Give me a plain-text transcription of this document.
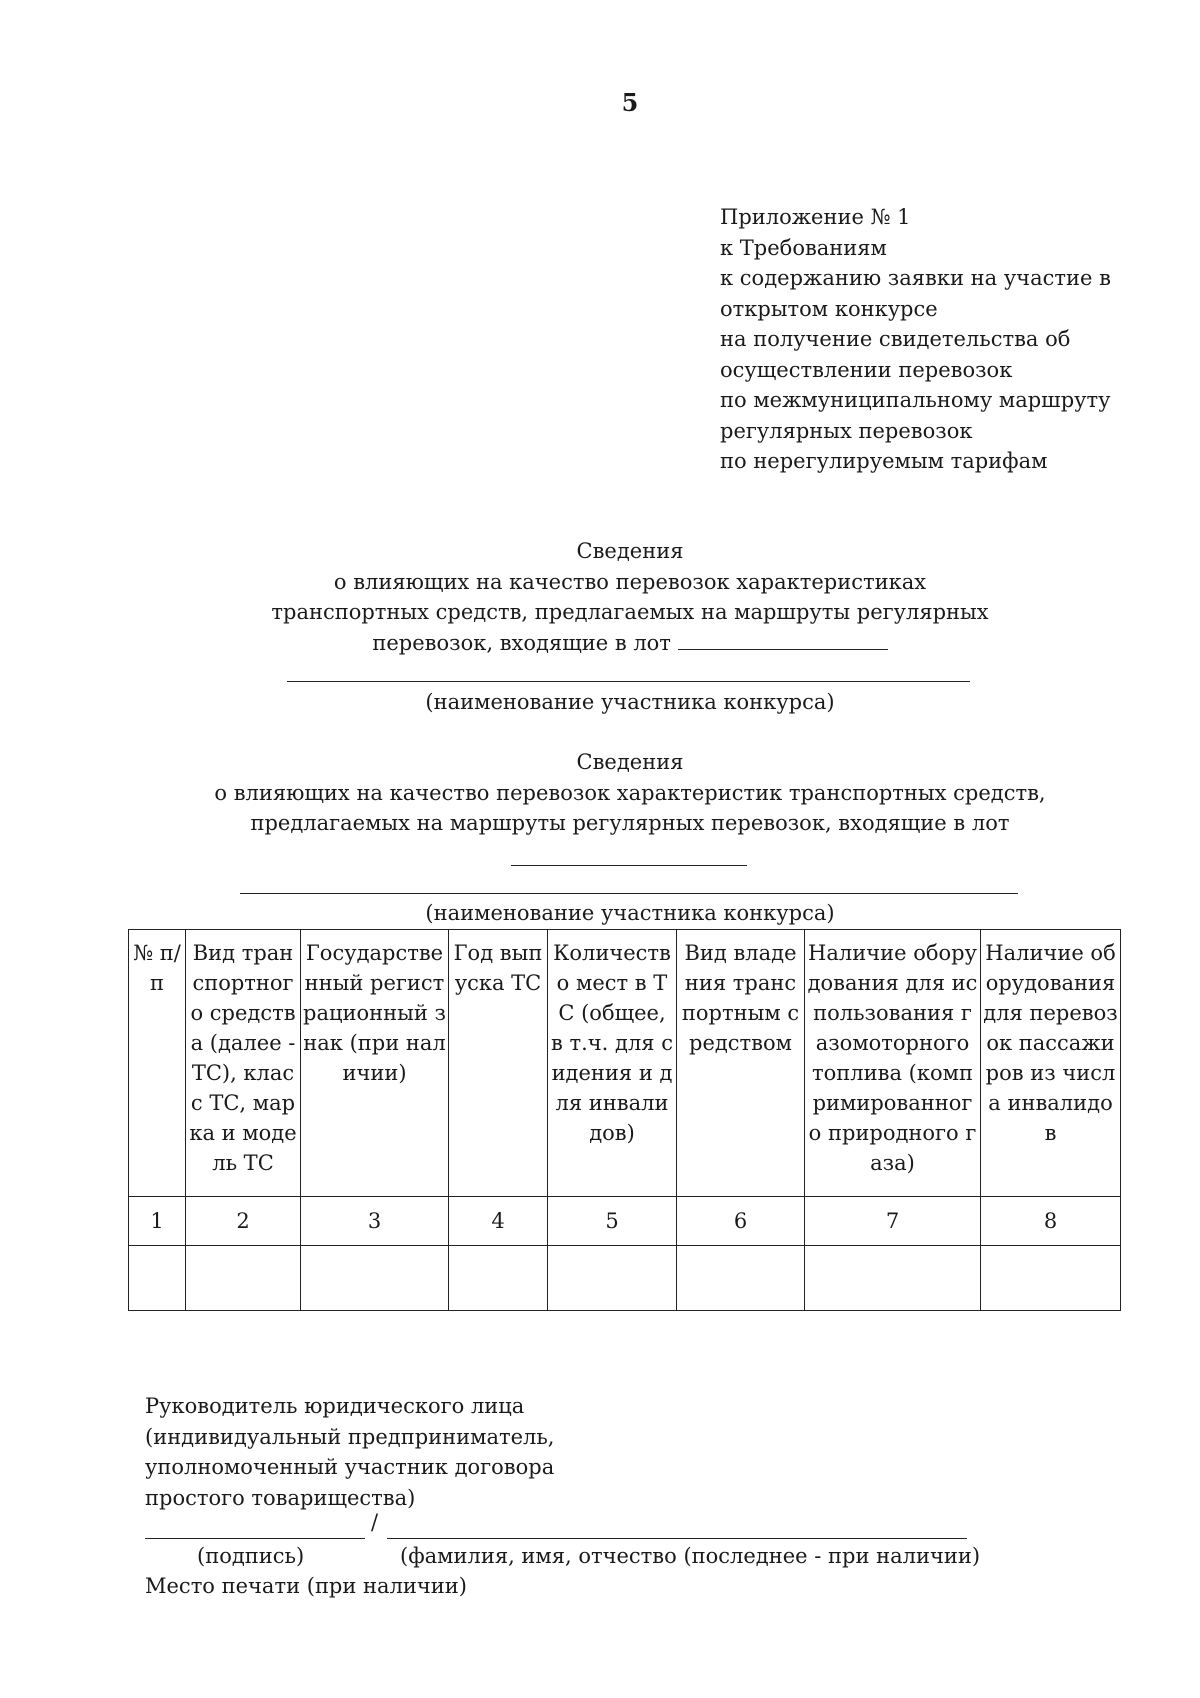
5
Приложение № 1
к Требованиям
к содержанию заявки на участие в
открытом конкурсе
на получение свидетельства об
осуществлении перевозок
по межмуниципальному маршруту
регулярных перевозок
по нерегулируемым тарифам
Сведения
о влияющих на качество перевозок характеристиках
транспортных средств, предлагаемых на маршруты регулярных
перевозок, входящие в лот
(наименование участника конкурса)
Сведения
о влияющих на качество перевозок характеристик транспортных средств,
предлагаемых на маршруты регулярных перевозок, входящие в лот
(наименование участника конкурса)
№ п/п	Вид транспортного средства (далее - ТС), класс ТС, марка и модель ТС	Государственный регистрационный знак (при наличии)	Год выпуска ТС	Количество мест в ТС (общее, в т.ч. для сидения и для инвалидов)	Вид владения транспортным средством	Наличие оборудования для использования газомоторного топлива (компримированного природного газа)	Наличие оборудования для перевозок пассажиров из числа инвалидов
1	2	3	4	5	6	7	8

Руководитель юридического лица
(индивидуальный предприниматель,
уполномоченный участник договора
простого товарищества)
/
(подпись)	(фамилия, имя, отчество (последнее - при наличии)
Место печати (при наличии)
